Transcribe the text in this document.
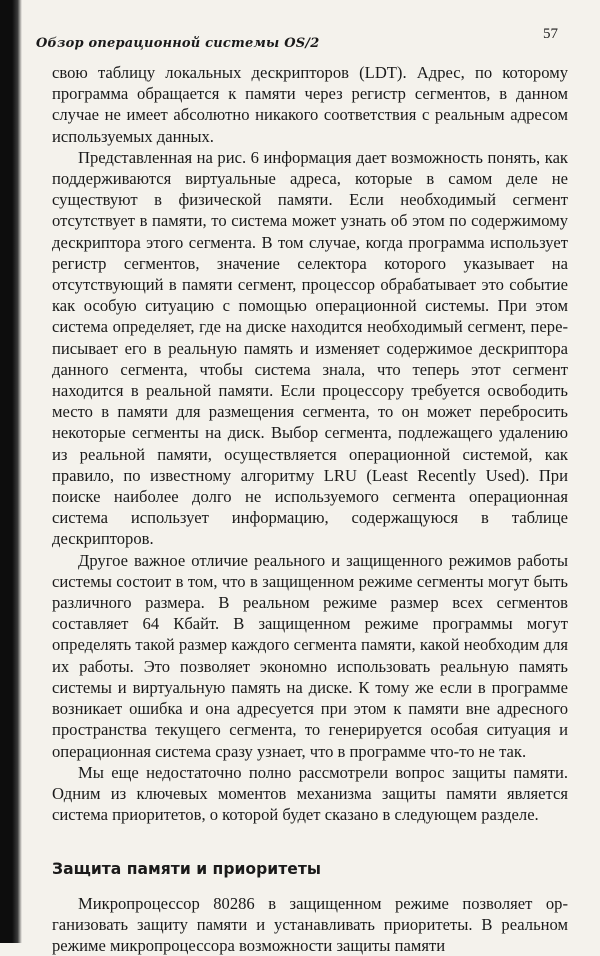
Обзор операционной системы OS/2
57

свою таблицу локальных дескрипторов (LDT). Адрес, по которому программа обращается к памяти через регистр сегментов, в данном случае не имеет абсолютно никакого соответствия с реальным адресом используемых данных.

Представленная на рис. 6 информация дает возможность понять, как поддерживаются виртуальные адреса, которые в самом деле не существуют в физической памяти. Если необходимый сегмент отсутствует в памяти, то система может узнать об этом по содержимому дескриптора этого сегмента. В том случае, когда программа использует регистр сегментов, значение селектора которого указывает на отсутствующий в памяти сегмент, процессор обрабатывает это событие как особую ситуацию с помощью операционной системы. При этом система определяет, где на диске находится необходимый сегмент, переписывает его в реальную память и изменяет содержимое дескриптора данного сегмента, чтобы система знала, что теперь этот сегмент находится в реальной памяти. Если процессору требуется освободить место в памяти для размещения сегмента, то он может перебросить некоторые сегменты на диск. Выбор сегмента, подлежащего удалению из реальной памяти, осуществляется операционной системой, как правило, по известному алгоритму LRU (Least Recently Used). При поиске наиболее долго не используемого сегмента операционная система использует информацию, содержащуюся в таблице дескрипторов.

Другое важное отличие реального и защищенного режимов работы системы состоит в том, что в защищенном режиме сегменты могут быть различного размера. В реальном режиме размер всех сегментов составляет 64 Кбайт. В защищенном режиме программы могут определять такой размер каждого сегмента памяти, какой необходим для их работы. Это позволяет экономно использовать реальную память системы и виртуальную память на диске. К тому же если в программе возникает ошибка и она адресуется при этом к памяти вне адресного пространства текущего сегмента, то генерируется особая ситуация и операционная система сразу узнает, что в программе что-то не так.

Мы еще недостаточно полно рассмотрели вопрос защиты памяти. Одним из ключевых моментов механизма защиты памяти является система приоритетов, о которой будет сказано в следующем разделе.

Защита памяти и приоритеты

Микропроцессор 80286 в защищенном режиме позволяет организовать защиту памяти и устанавливать приоритеты. В реальном режиме микропроцессора возможности защиты памяти
